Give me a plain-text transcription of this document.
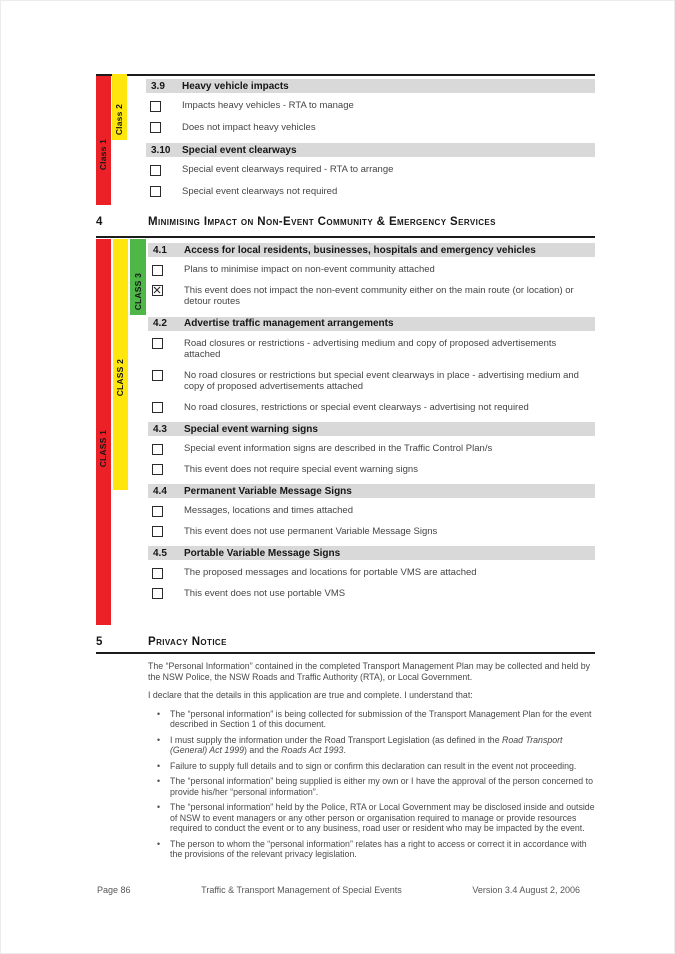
Class 1
Class 2
3.9	Heavy vehicle impacts
Impacts heavy vehicles - RTA to manage
Does not impact heavy vehicles
3.10	Special event clearways
Special event clearways required - RTA to arrange
Special event clearways not required
4	Minimising Impact on Non-Event Community & Emergency Services
CLASS 1
CLASS 2
CLASS 3
4.1	Access for local residents, businesses, hospitals and emergency vehicles
Plans to minimise impact on non-event community attached
This event does not impact the non-event community either on the main route (or location) or detour routes
4.2	Advertise traffic management arrangements
Road closures or restrictions - advertising medium and copy of proposed advertisements attached
No road closures or restrictions but special event clearways in place - advertising medium and copy of proposed advertisements attached
No road closures, restrictions or special event clearways - advertising not required
4.3	Special event warning signs
Special event information signs are described in the Traffic Control Plan/s
This event does not require special event warning signs
4.4	Permanent Variable Message Signs
Messages, locations and times attached
This event does not use permanent Variable Message Signs
4.5	Portable Variable Message Signs
The proposed messages and locations for portable VMS are attached
This event does not use portable VMS
5	Privacy Notice

The “Personal Information” contained in the completed Transport Management Plan may be collected and held by the NSW Police, the NSW Roads and Traffic Authority (RTA), or Local Government.

I declare that the details in this application are true and complete. I understand that:

•	The “personal information” is being collected for submission of the Transport Management Plan for the event described in Section 1 of this document.
•	I must supply the information under the Road Transport Legislation (as defined in the Road Transport (General) Act 1999) and the Roads Act 1993.
•	Failure to supply full details and to sign or confirm this declaration can result in the event not proceeding.
•	The “personal information” being supplied is either my own or I have the approval of the person concerned to provide his/her “personal information”.
•	The “personal information” held by the Police, RTA or Local Government may be disclosed inside and outside of NSW to event managers or any other person or organisation required to manage or provide resources required to conduct the event or to any business, road user or resident who may be impacted by the event.
•	The person to whom the “personal information” relates has a right to access or correct it in accordance with the provisions of the relevant privacy legislation.
Page 86	Traffic & Transport Management of Special Events	Version 3.4 August 2, 2006
